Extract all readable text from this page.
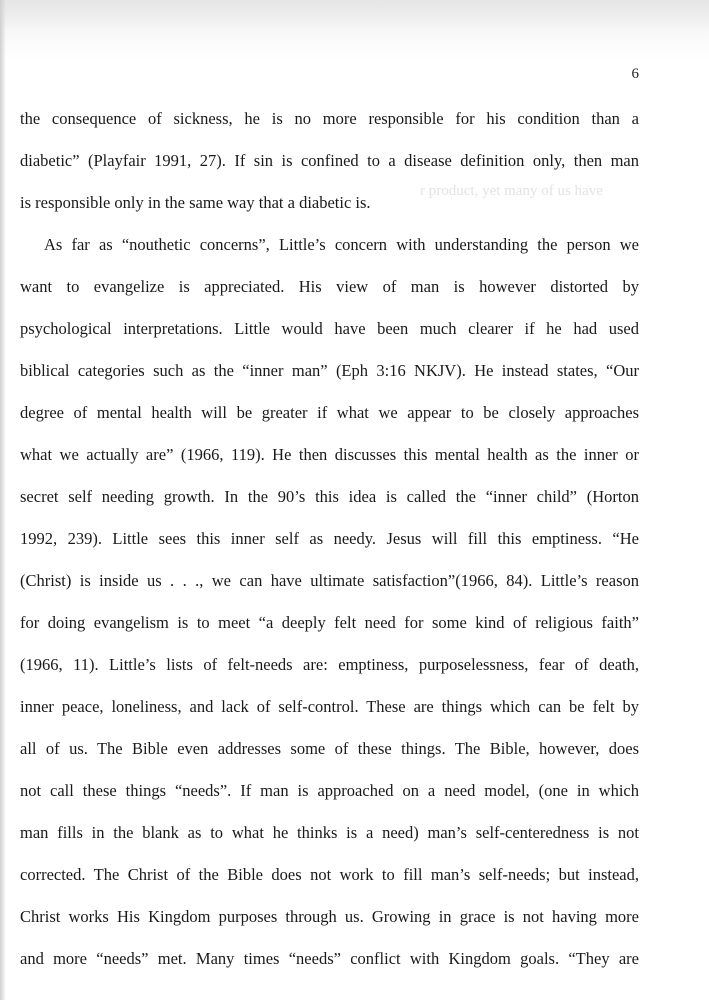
6
r product, yet many of us have
the consequence of sickness, he is no more responsible for his condition than a
diabetic” (Playfair 1991, 27). If sin is confined to a disease definition only, then man
is responsible only in the same way that a diabetic is.
As far as “nouthetic concerns”, Little’s concern with understanding the person we
want to evangelize is appreciated. His view of man is however distorted by
psychological interpretations. Little would have been much clearer if he had used
biblical categories such as the “inner man” (Eph 3:16 NKJV). He instead states, “Our
degree of mental health will be greater if what we appear to be closely approaches
what we actually are” (1966, 119). He then discusses this mental health as the inner or
secret self needing growth. In the 90’s this idea is called the “inner child” (Horton
1992, 239). Little sees this inner self as needy. Jesus will fill this emptiness. “He
(Christ) is inside us . . ., we can have ultimate satisfaction”(1966, 84). Little’s reason
for doing evangelism is to meet “a deeply felt need for some kind of religious faith”
(1966, 11). Little’s lists of felt-needs are: emptiness, purposelessness, fear of death,
inner peace, loneliness, and lack of self-control. These are things which can be felt by
all of us. The Bible even addresses some of these things. The Bible, however, does
not call these things “needs”. If man is approached on a need model, (one in which
man fills in the blank as to what he thinks is a need) man’s self-centeredness is not
corrected. The Christ of the Bible does not work to fill man’s self-needs; but instead,
Christ works His Kingdom purposes through us. Growing in grace is not having more
and more “needs” met. Many times “needs” conflict with Kingdom goals. “They are
